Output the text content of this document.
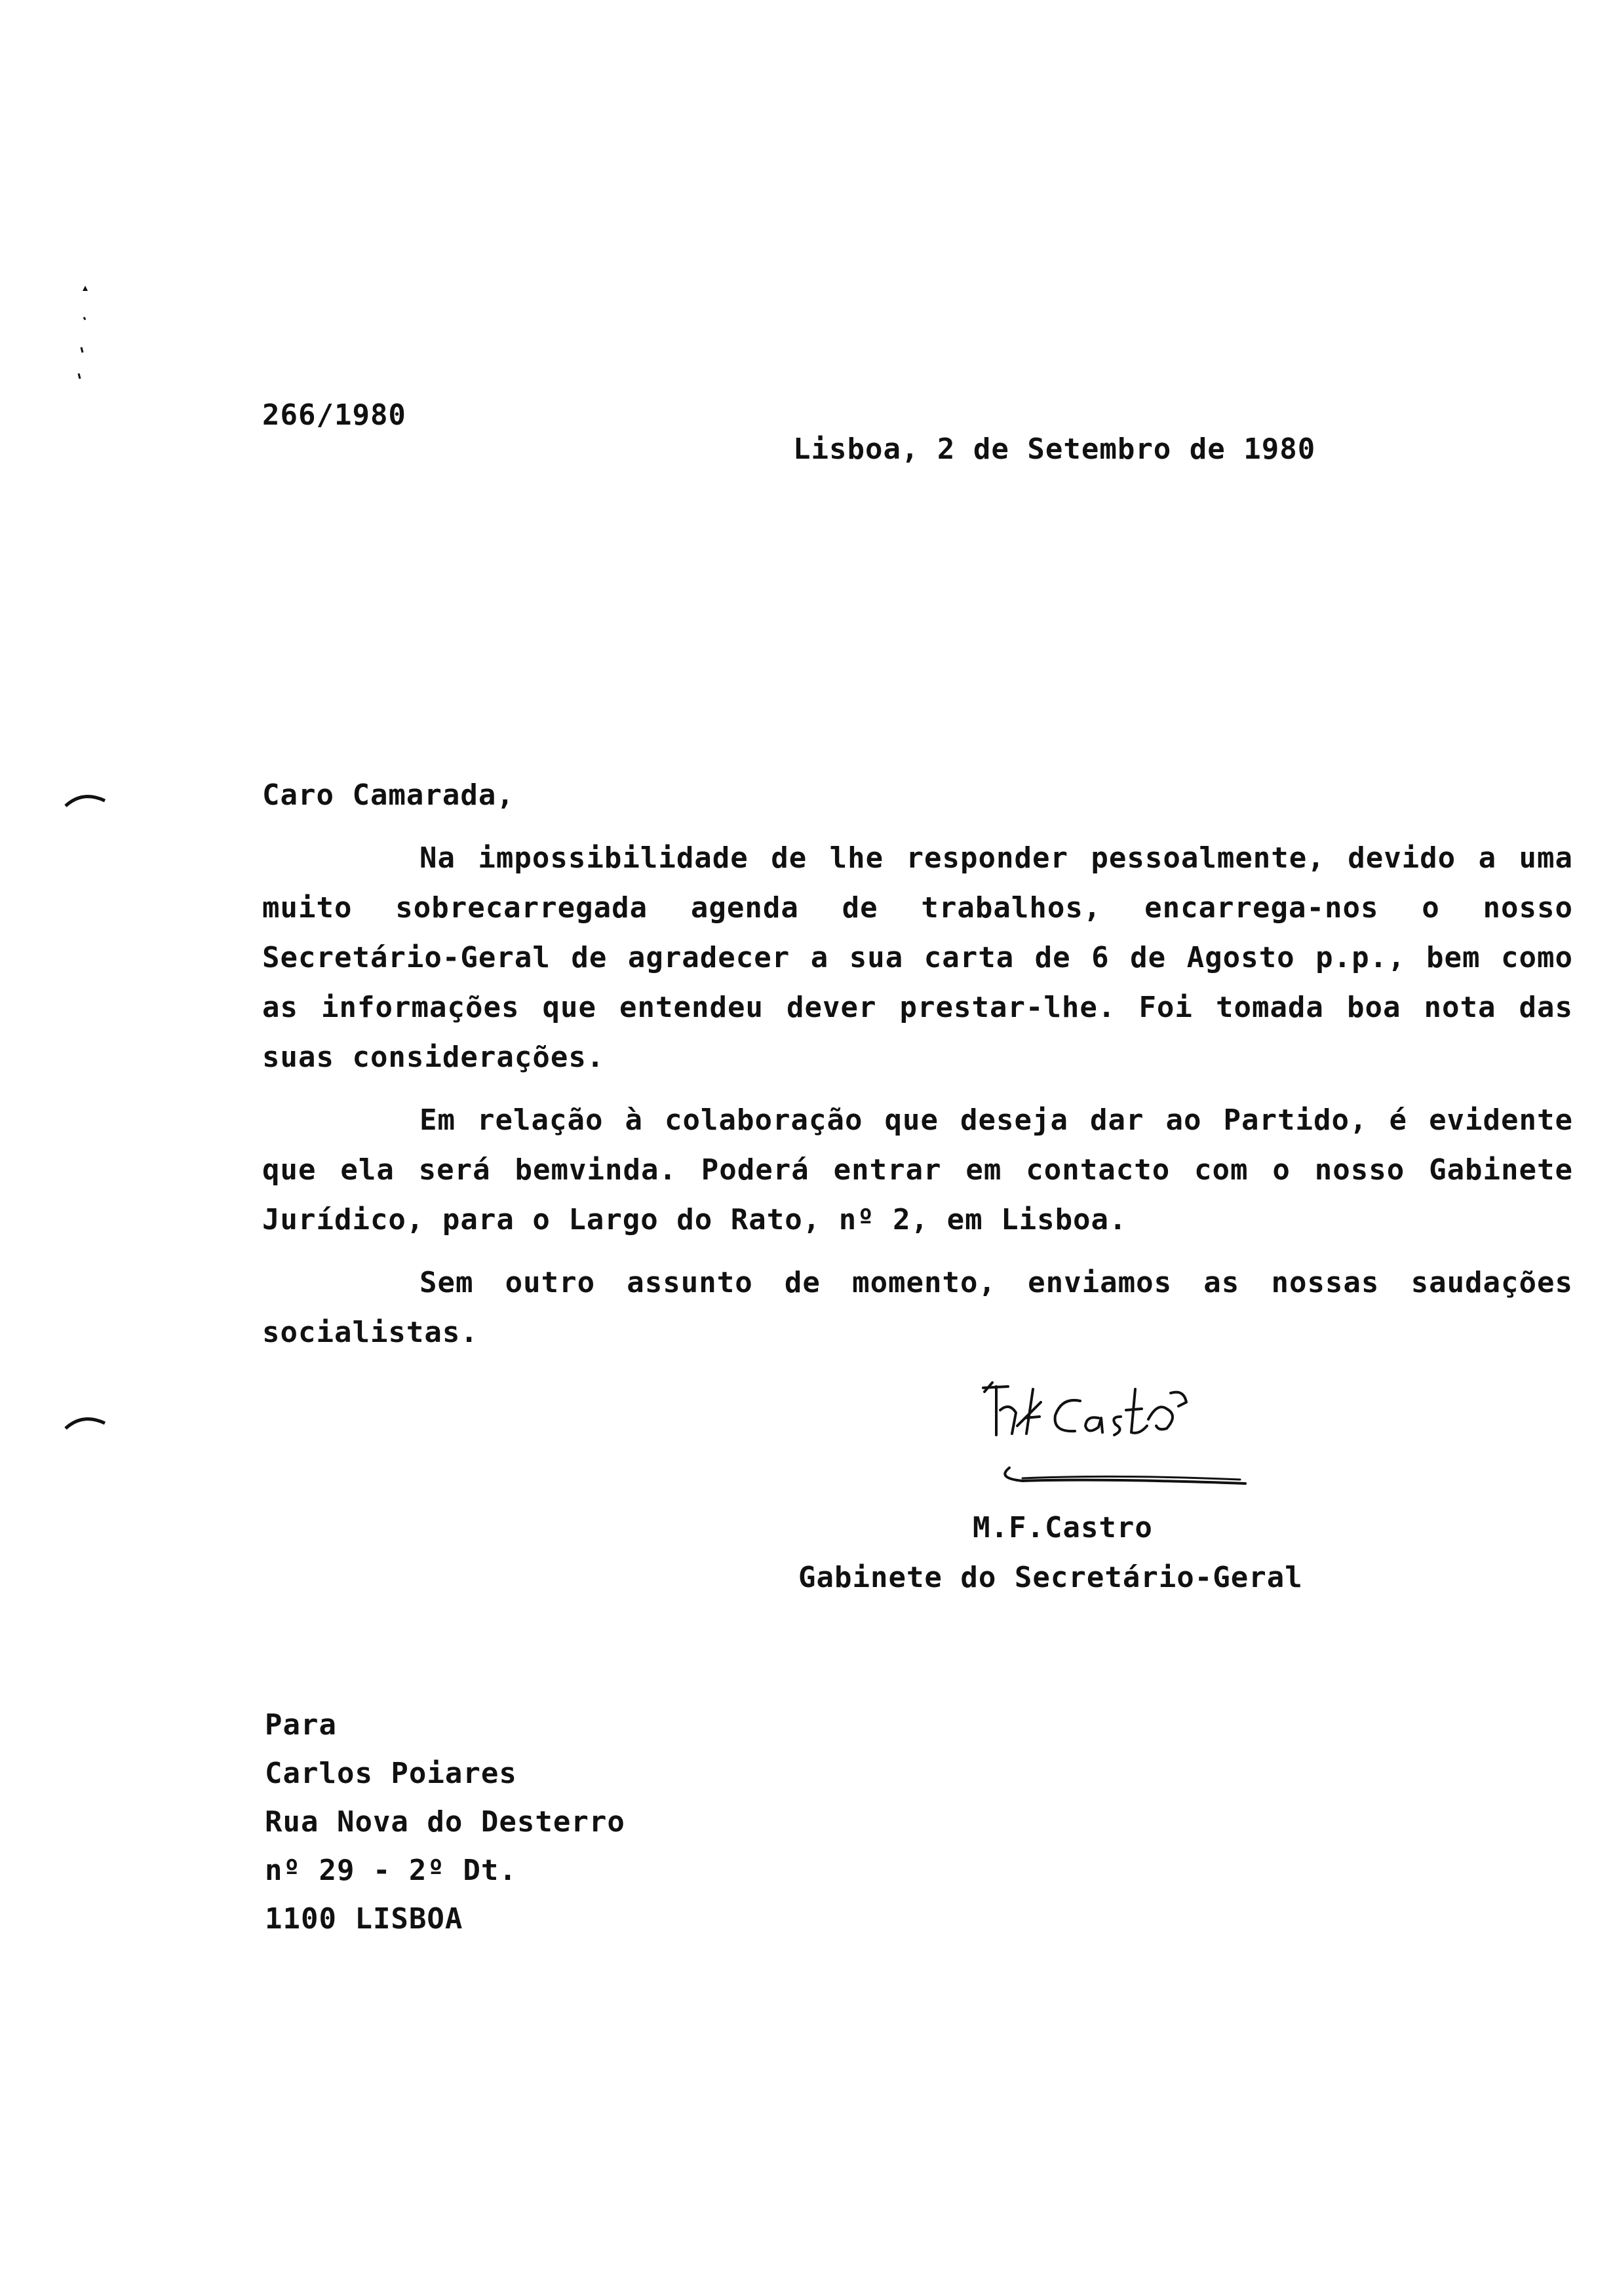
266/1980
Lisboa, 2 de Setembro de 1980
Caro Camarada,

Na impossibilidade de lhe responder pessoalmente, devido a uma muito sobrecarregada agenda de trabalhos, encarrega-nos o nosso Secretário-Geral de agradecer a sua carta de 6 de Agosto p.p., bem como as informações que entendeu dever prestar-lhe. Foi tomada boa nota das suas considerações.

Em relação à colaboração que deseja dar ao Partido, é evidente que ela será bemvinda. Poderá entrar em contacto com o nosso Gabinete Jurídico, para o Largo do Rato, nº 2, em Lisboa.

Sem outro assunto de momento, enviamos as nossas saudações socialistas.

M.F.Castro
Gabinete do Secretário-Geral
Para
Carlos Poiares
Rua Nova do Desterro
nº 29 - 2º Dt.
1100 LISBOA
